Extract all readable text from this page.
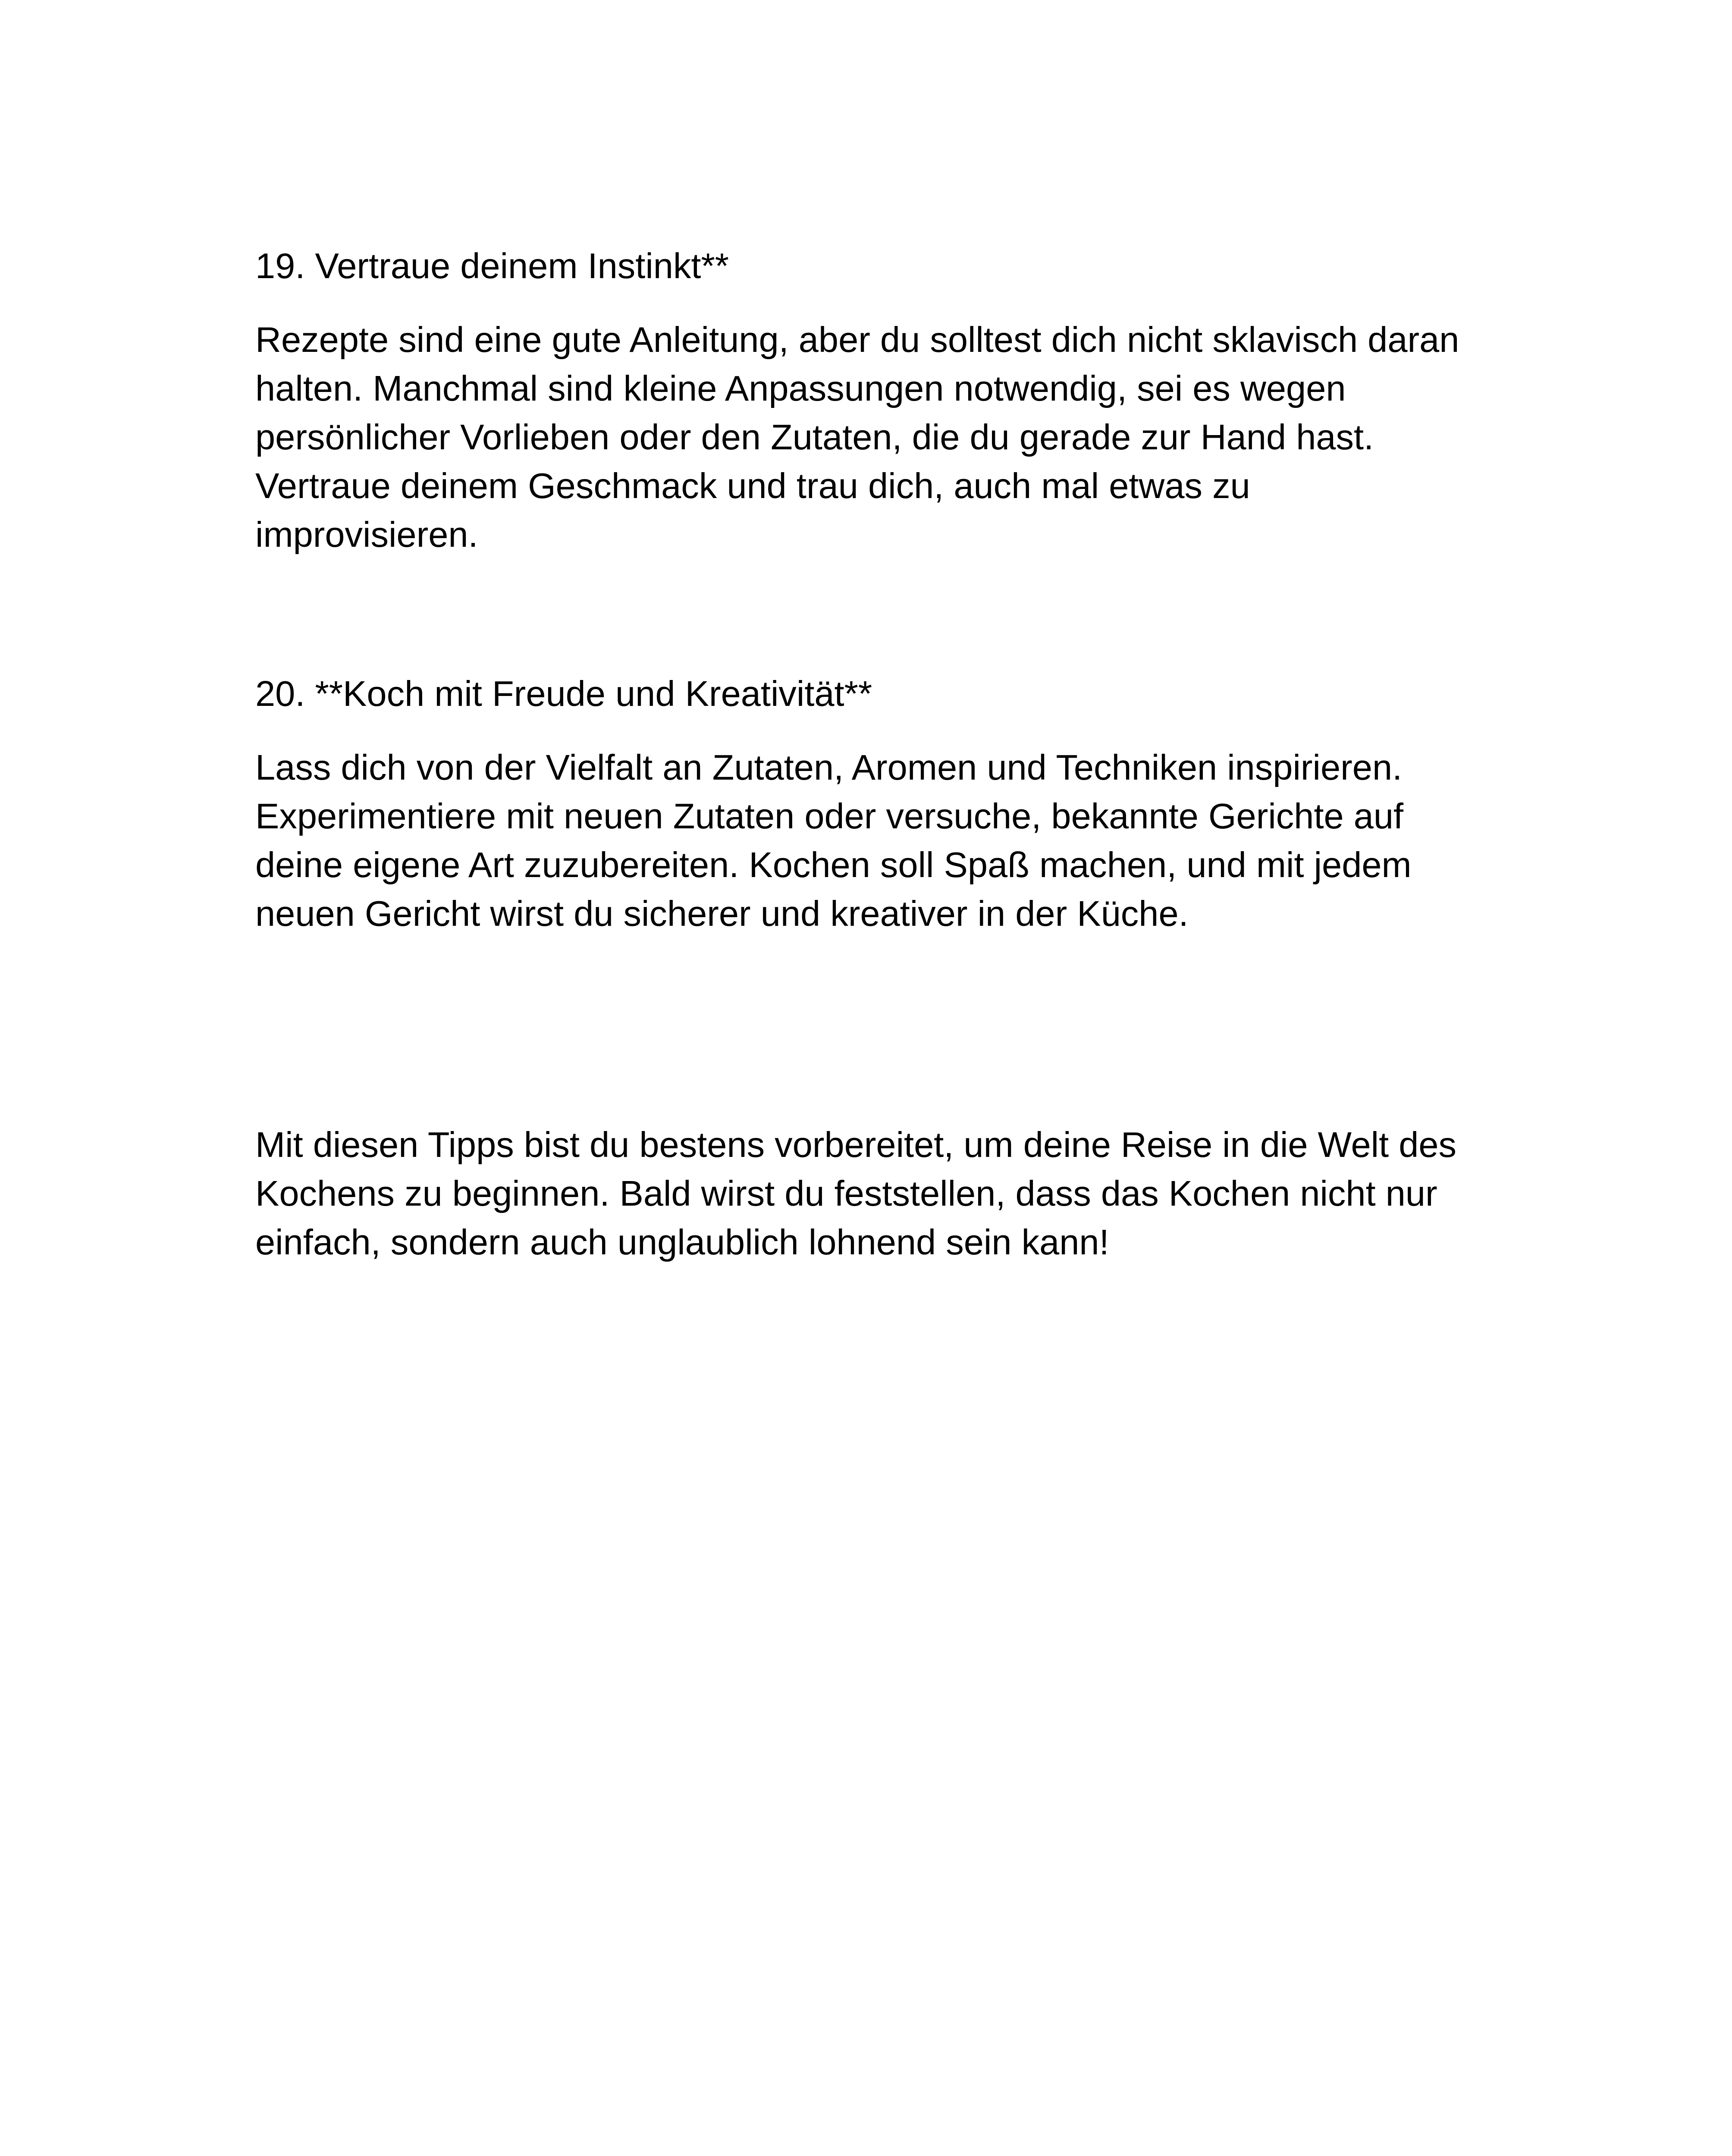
19. Vertraue deinem Instinkt**

Rezepte sind eine gute Anleitung, aber du solltest dich nicht sklavisch daran

halten. Manchmal sind kleine Anpassungen notwendig, sei es wegen

persönlicher Vorlieben oder den Zutaten, die du gerade zur Hand hast.

Vertraue deinem Geschmack und trau dich, auch mal etwas zu

improvisieren.

20. **Koch mit Freude und Kreativität**

Lass dich von der Vielfalt an Zutaten, Aromen und Techniken inspirieren.

Experimentiere mit neuen Zutaten oder versuche, bekannte Gerichte auf

deine eigene Art zuzubereiten. Kochen soll Spaß machen, und mit jedem

neuen Gericht wirst du sicherer und kreativer in der Küche.

Mit diesen Tipps bist du bestens vorbereitet, um deine Reise in die Welt des

Kochens zu beginnen. Bald wirst du feststellen, dass das Kochen nicht nur

einfach, sondern auch unglaublich lohnend sein kann!
